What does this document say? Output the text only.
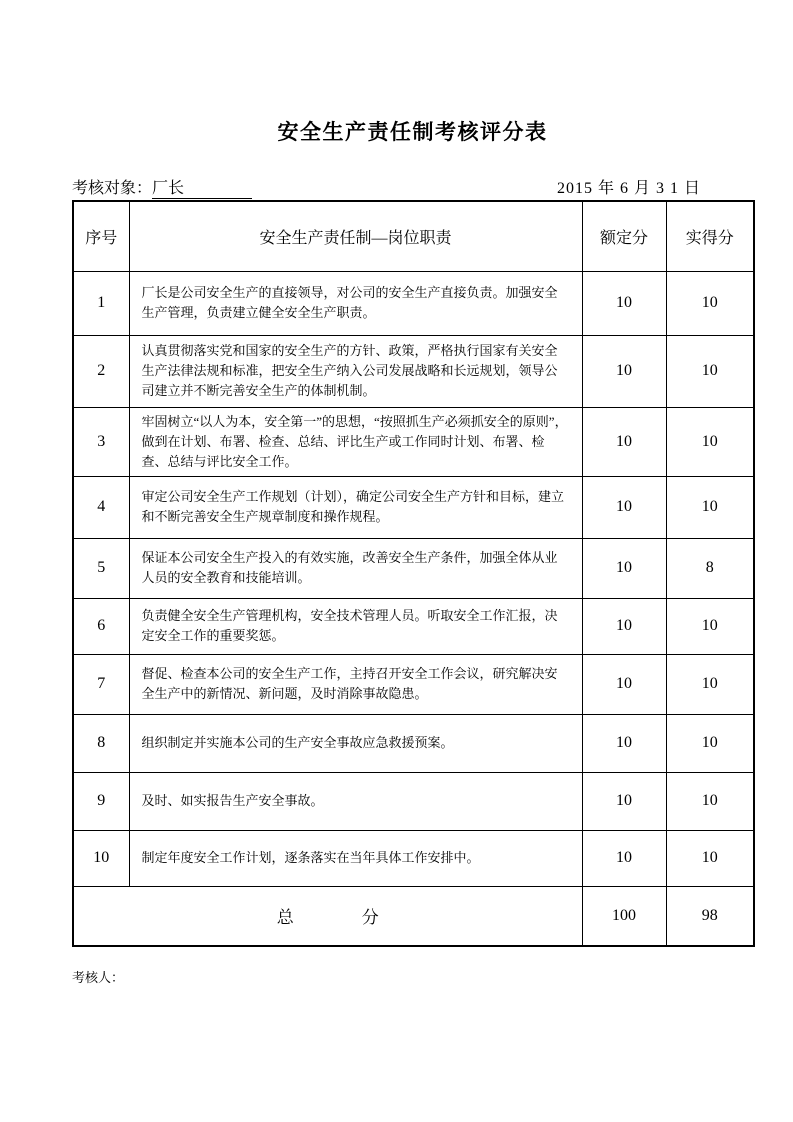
安全生产责任制考核评分表
考核对象：厂长	2015 年 6 月 3 1 日
序号	安全生产责任制—岗位职责	额定分	实得分
1	厂长是公司安全生产的直接领导，对公司的安全生产直接负责。加强安全生产管理，负责建立健全安全生产职责。	10	10
2	认真贯彻落实党和国家的安全生产的方针、政策，严格执行国家有关安全生产法律法规和标准，把安全生产纳入公司发展战略和长远规划，领导公司建立并不断完善安全生产的体制机制。	10	10
3	牢固树立“以人为本，安全第一”的思想，“按照抓生产必须抓安全的原则”，做到在计划、布署、检查、总结、评比生产或工作同时计划、布署、检查、总结与评比安全工作。	10	10
4	审定公司安全生产工作规划（计划），确定公司安全生产方针和目标，建立和不断完善安全生产规章制度和操作规程。	10	10
5	保证本公司安全生产投入的有效实施，改善安全生产条件，加强全体从业人员的安全教育和技能培训。	10	8
6	负责健全安全生产管理机构，安全技术管理人员。听取安全工作汇报，决定安全工作的重要奖惩。	10	10
7	督促、检查本公司的安全生产工作，主持召开安全工作会议，研究解决安全生产中的新情况、新问题，及时消除事故隐患。	10	10
8	组织制定并实施本公司的生产安全事故应急救援预案。	10	10
9	及时、如实报告生产安全事故。	10	10
10	制定年度安全工作计划，逐条落实在当年具体工作安排中。	10	10
总　　　　分		100	98
考核人：
